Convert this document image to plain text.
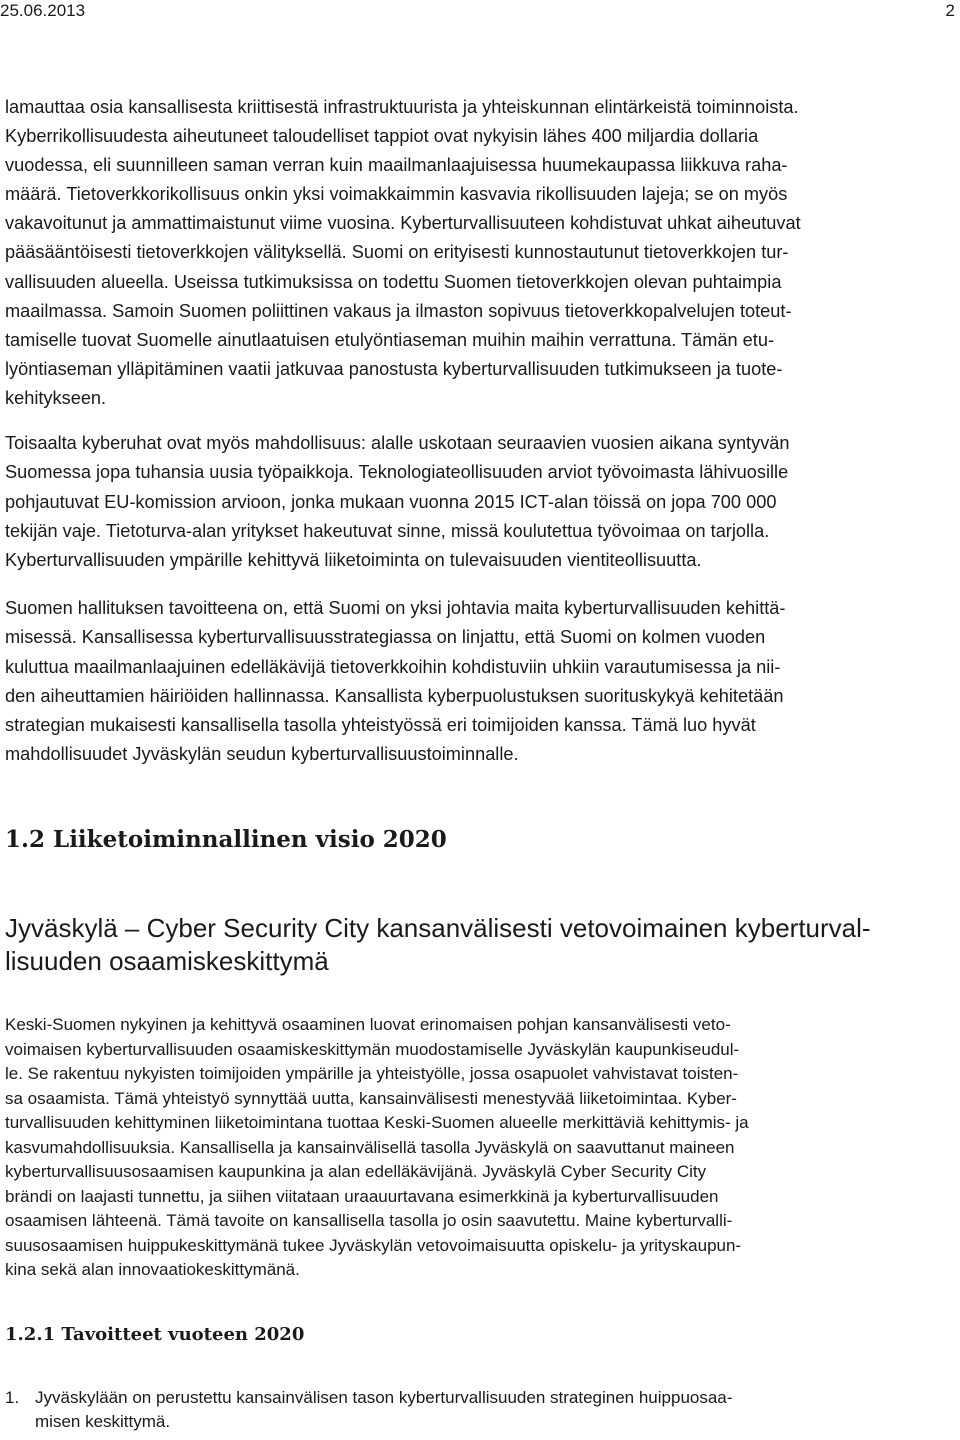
25.06.2013	2

lamauttaa osia kansallisesta kriittisestä infrastruktuurista ja yhteiskunnan elintärkeistä toiminnoista.
Kyberrikollisuudesta aiheutuneet taloudelliset tappiot ovat nykyisin lähes 400 miljardia dollaria
vuodessa, eli suunnilleen saman verran kuin maailmanlaajuisessa huumekaupassa liikkuva raha-
määrä. Tietoverkkorikollisuus onkin yksi voimakkaimmin kasvavia rikollisuuden lajeja; se on myös
vakavoitunut ja ammattimaistunut viime vuosina. Kyberturvallisuuteen kohdistuvat uhkat aiheutuvat
pääsääntöisesti tietoverkkojen välityksellä. Suomi on erityisesti kunnostautunut tietoverkkojen tur-
vallisuuden alueella. Useissa tutkimuksissa on todettu Suomen tietoverkkojen olevan puhtaimpia
maailmassa. Samoin Suomen poliittinen vakaus ja ilmaston sopivuus tietoverkkopalvelujen toteut-
tamiselle tuovat Suomelle ainutlaatuisen etulyöntiaseman muihin maihin verrattuna. Tämän etu-
lyöntiaseman ylläpitäminen vaatii jatkuvaa panostusta kyberturvallisuuden tutkimukseen ja tuote-
kehitykseen.

Toisaalta kyberuhat ovat myös mahdollisuus: alalle uskotaan seuraavien vuosien aikana syntyvän
Suomessa jopa tuhansia uusia työpaikkoja. Teknologiateollisuuden arviot työvoimasta lähivuosille
pohjautuvat EU-komission arvioon, jonka mukaan vuonna 2015 ICT-alan töissä on jopa 700 000
tekijän vaje. Tietoturva-alan yritykset hakeutuvat sinne, missä koulutettua työvoimaa on tarjolla.
Kyberturvallisuuden ympärille kehittyvä liiketoiminta on tulevaisuuden vientiteollisuutta.

Suomen hallituksen tavoitteena on, että Suomi on yksi johtavia maita kyberturvallisuuden kehittä-
misessä. Kansallisessa kyberturvallisuusstrategiassa on linjattu, että Suomi on kolmen vuoden
kuluttua maailmanlaajuinen edelläkävijä tietoverkkoihin kohdistuviin uhkiin varautumisessa ja nii-
den aiheuttamien häiriöiden hallinnassa. Kansallista kyberpuolustuksen suorituskykyä kehitetään
strategian mukaisesti kansallisella tasolla yhteistyössä eri toimijoiden kanssa. Tämä luo hyvät
mahdollisuudet Jyväskylän seudun kyberturvallisuustoiminnalle.

1.2 Liiketoiminnallinen visio 2020
Jyväskylä – Cyber Security City kansanvälisesti vetovoimainen kyberturval-
lisuuden osaamiskeskittymä

Keski-Suomen nykyinen ja kehittyvä osaaminen luovat erinomaisen pohjan kansanvälisesti veto-
voimaisen kyberturvallisuuden osaamiskeskittymän muodostamiselle Jyväskylän kaupunkiseudul-
le. Se rakentuu nykyisten toimijoiden ympärille ja yhteistyölle, jossa osapuolet vahvistavat toisten-
sa osaamista. Tämä yhteistyö synnyttää uutta, kansainvälisesti menestyvää liiketoimintaa. Kyber-
turvallisuuden kehittyminen liiketoimintana tuottaa Keski-Suomen alueelle merkittäviä kehittymis- ja
kasvumahdollisuuksia. Kansallisella ja kansainvälisellä tasolla Jyväskylä on saavuttanut maineen
kyberturvallisuusosaamisen kaupunkina ja alan edelläkävijänä. Jyväskylä Cyber Security City
brändi on laajasti tunnettu, ja siihen viitataan uraauurtavana esimerkkinä ja kyberturvallisuuden
osaamisen lähteenä. Tämä tavoite on kansallisella tasolla jo osin saavutettu. Maine kyberturvalli-
suusosaamisen huippukeskittymänä tukee Jyväskylän vetovoimaisuutta opiskelu- ja yrityskaupun-
kina sekä alan innovaatiokeskittymänä.

1.2.1 Tavoitteet vuoteen 2020
1. Jyväskylään on perustettu kansainvälisen tason kyberturvallisuuden strateginen huippuosaa-
misen keskittymä.
